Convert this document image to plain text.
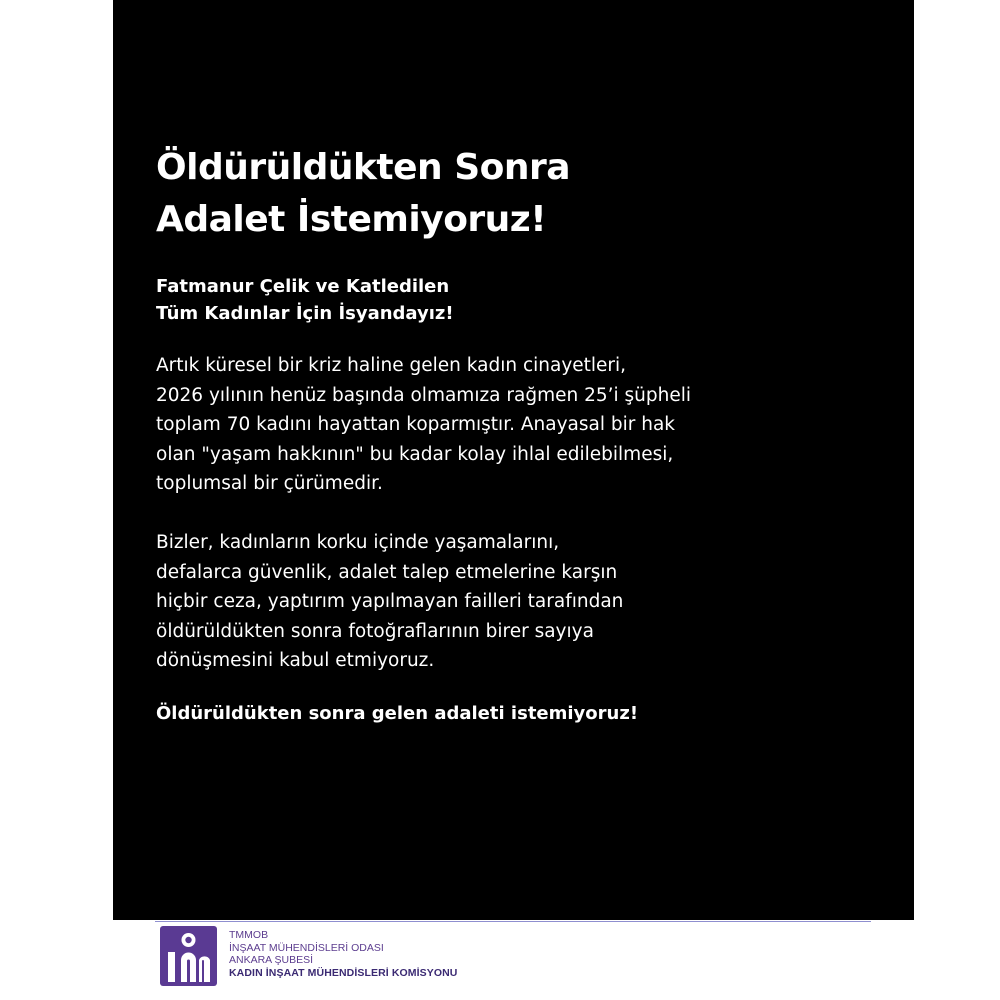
Öldürüldükten Sonra
Adalet İstemiyoruz!
Fatmanur Çelik ve Katledilen
Tüm Kadınlar İçin İsyandayız!

Artık küresel bir kriz haline gelen kadın cinayetleri,
2026 yılının henüz başında olmamıza rağmen 25’i şüpheli
toplam 70 kadını hayattan koparmıştır. Anayasal bir hak
olan "yaşam hakkının" bu kadar kolay ihlal edilebilmesi,
toplumsal bir çürümedir.

Bizler, kadınların korku içinde yaşamalarını,
defalarca güvenlik, adalet talep etmelerine karşın
hiçbir ceza, yaptırım yapılmayan failleri tarafından
öldürüldükten sonra fotoğraflarının birer sayıya
dönüşmesini kabul etmiyoruz.

Öldürüldükten sonra gelen adaleti istemiyoruz!

TMMOB
İNŞAAT MÜHENDİSLERİ ODASI
ANKARA ŞUBESİ
KADIN İNŞAAT MÜHENDİSLERİ KOMİSYONU
